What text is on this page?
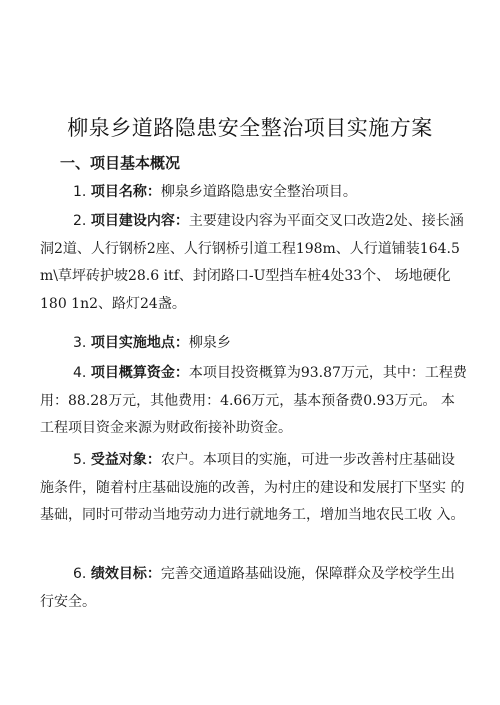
柳泉乡道路隐患安全整治项目实施方案
一、项目基本概况
1. 项目名称：柳泉乡道路隐患安全整治项目。
2. 项目建设内容：主要建设内容为平面交叉口改造2处、接长涵洞2道、人行钢桥2座、人行钢桥引道工程198m、人行道铺装164.5 m\草坪砖护坡28.6 itf、封闭路口-U型挡车桩4处33个、 场地硬化180 1n2、路灯24盏。
3. 项目实施地点：柳泉乡
4. 项目概算资金：本项目投资概算为93.87万元，其中：工程费用：88.28万元，其他费用：4.66万元，基本预备费0.93万元。 本工程项目资金来源为财政衔接补助资金。
5. 受益对象：农户。本项目的实施，可进一步改善村庄基础设 施条件，随着村庄基础设施的改善，为村庄的建设和发展打下坚实 的基础，同时可带动当地劳动力进行就地务工，增加当地农民工收 入。
6. 绩效目标：完善交通道路基础设施，保障群众及学校学生出 行安全。
